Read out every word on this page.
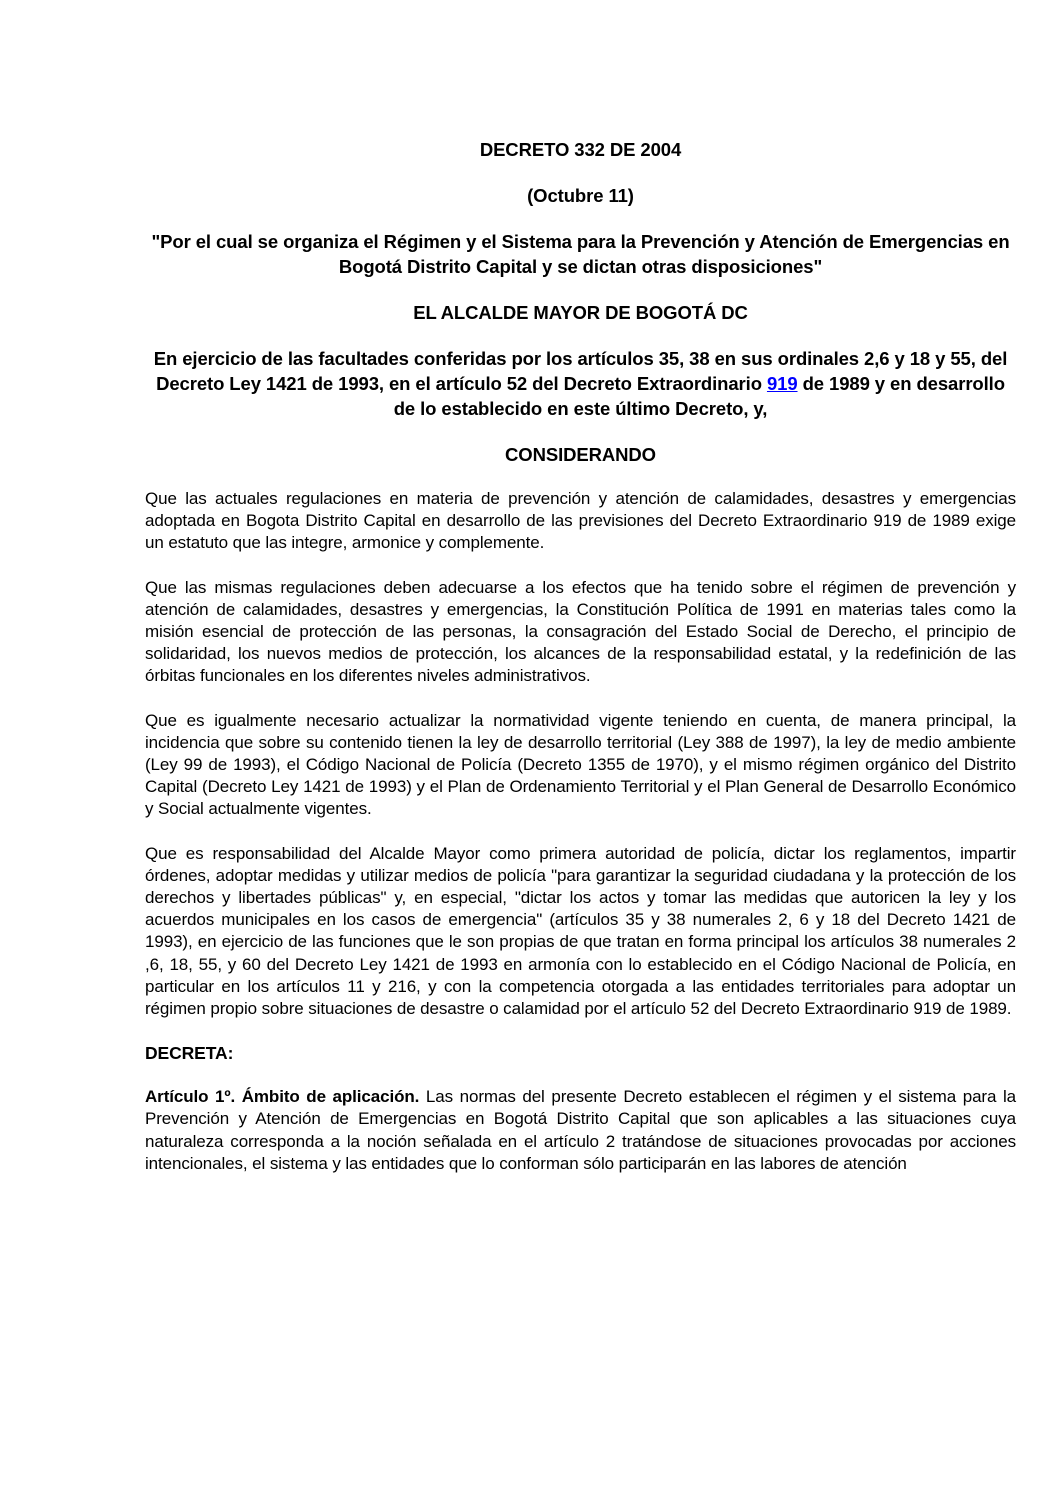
DECRETO 332 DE 2004
(Octubre 11)
"Por el cual se organiza el Régimen y el Sistema para la Prevención y Atención de Emergencias en Bogotá Distrito Capital y se dictan otras disposiciones"
EL ALCALDE MAYOR DE BOGOTÁ DC
En ejercicio de las facultades conferidas por los artículos 35, 38 en sus ordinales 2,6 y 18 y 55, del Decreto Ley 1421 de 1993, en el artículo 52 del Decreto Extraordinario 919 de 1989 y en desarrollo de lo establecido en este último Decreto, y,
CONSIDERANDO

Que las actuales regulaciones en materia de prevención y atención de calamidades, desastres y emergencias adoptada en Bogota Distrito Capital en desarrollo de las previsiones del Decreto Extraordinario 919 de 1989 exige un estatuto que las integre, armonice y complemente.

Que las mismas regulaciones deben adecuarse a los efectos que ha tenido sobre el régimen de prevención y atención de calamidades, desastres y emergencias, la Constitución Política de 1991 en materias tales como la misión esencial de protección de las personas, la consagración del Estado Social de Derecho, el principio de solidaridad, los nuevos medios de protección, los alcances de la responsabilidad estatal, y la redefinición de las órbitas funcionales en los diferentes niveles administrativos.

Que es igualmente necesario actualizar la normatividad vigente teniendo en cuenta, de manera principal, la incidencia que sobre su contenido tienen la ley de desarrollo territorial (Ley 388 de 1997), la ley de medio ambiente (Ley 99 de 1993), el Código Nacional de Policía (Decreto 1355 de 1970), y el mismo régimen orgánico del Distrito Capital (Decreto Ley 1421 de 1993) y el Plan de Ordenamiento Territorial y el Plan General de Desarrollo Económico y Social actualmente vigentes.

Que es responsabilidad del Alcalde Mayor como primera autoridad de policía, dictar los reglamentos, impartir órdenes, adoptar medidas y utilizar medios de policía "para garantizar la seguridad ciudadana y la protección de los derechos y libertades públicas" y, en especial, "dictar los actos y tomar las medidas que autoricen la ley y los acuerdos municipales en los casos de emergencia" (artículos 35 y 38 numerales 2, 6 y 18 del Decreto 1421 de 1993), en ejercicio de las funciones que le son propias de que tratan en forma principal los artículos 38 numerales 2 ,6, 18, 55, y 60 del Decreto Ley 1421 de 1993 en armonía con lo establecido en el Código Nacional de Policía, en particular en los artículos 11 y 216, y con la competencia otorgada a las entidades territoriales para adoptar un régimen propio sobre situaciones de desastre o calamidad por el artículo 52 del Decreto Extraordinario 919 de 1989.

DECRETA:

Artículo 1º. Ámbito de aplicación. Las normas del presente Decreto establecen el régimen y el sistema para la Prevención y Atención de Emergencias en Bogotá Distrito Capital que son aplicables a las situaciones cuya naturaleza corresponda a la noción señalada en el artículo 2 tratándose de situaciones provocadas por acciones intencionales, el sistema y las entidades que lo conforman sólo participarán en las labores de atención
